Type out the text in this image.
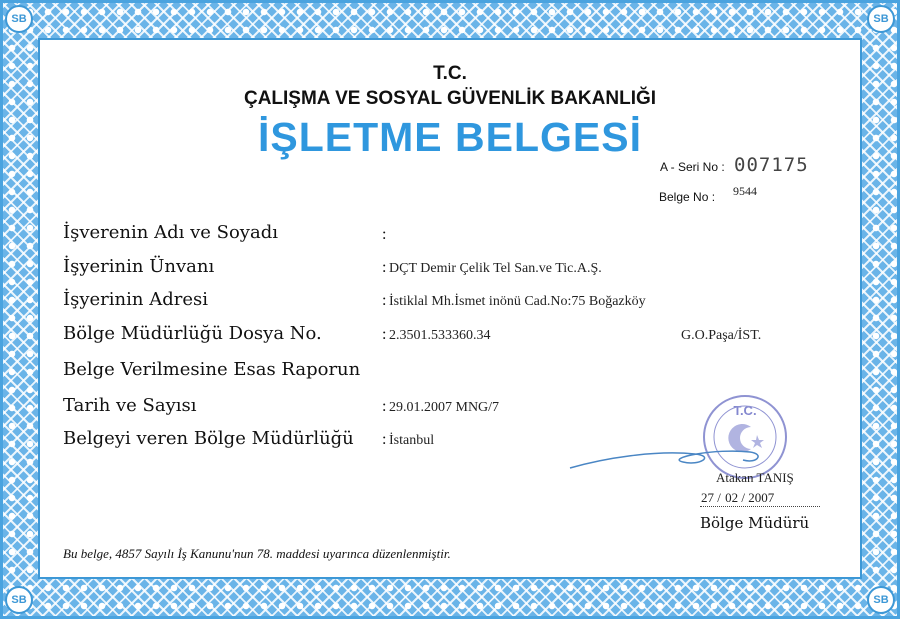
SB	SB
SB	SB
T.C.
ÇALIŞMA VE SOSYAL GÜVENLİK BAKANLIĞI
İŞLETME BELGESİ
A - Seri No : 007175
Belge No : 9544
İşverenin Adı ve Soyadı	:
İşyerinin Ünvanı	: DÇT Demir Çelik Tel San.ve Tic.A.Ş.
İşyerinin Adresi	: İstiklal Mh.İsmet inönü Cad.No:75 Boğazköy
Bölge Müdürlüğü Dosya No.	: 2.3501.533360.34	G.O.Paşa/İST.
Belge Verilmesine Esas Raporun
Tarih ve Sayısı	: 29.01.2007 MNG/7
Belgeyi veren Bölge Müdürlüğü : İstanbul
T.C.
Atakan TANIŞ
27 / 02 / 2007
Bölge Müdürü
Bu belge, 4857 Sayılı İş Kanunu'nun 78. maddesi uyarınca düzenlenmiştir.
